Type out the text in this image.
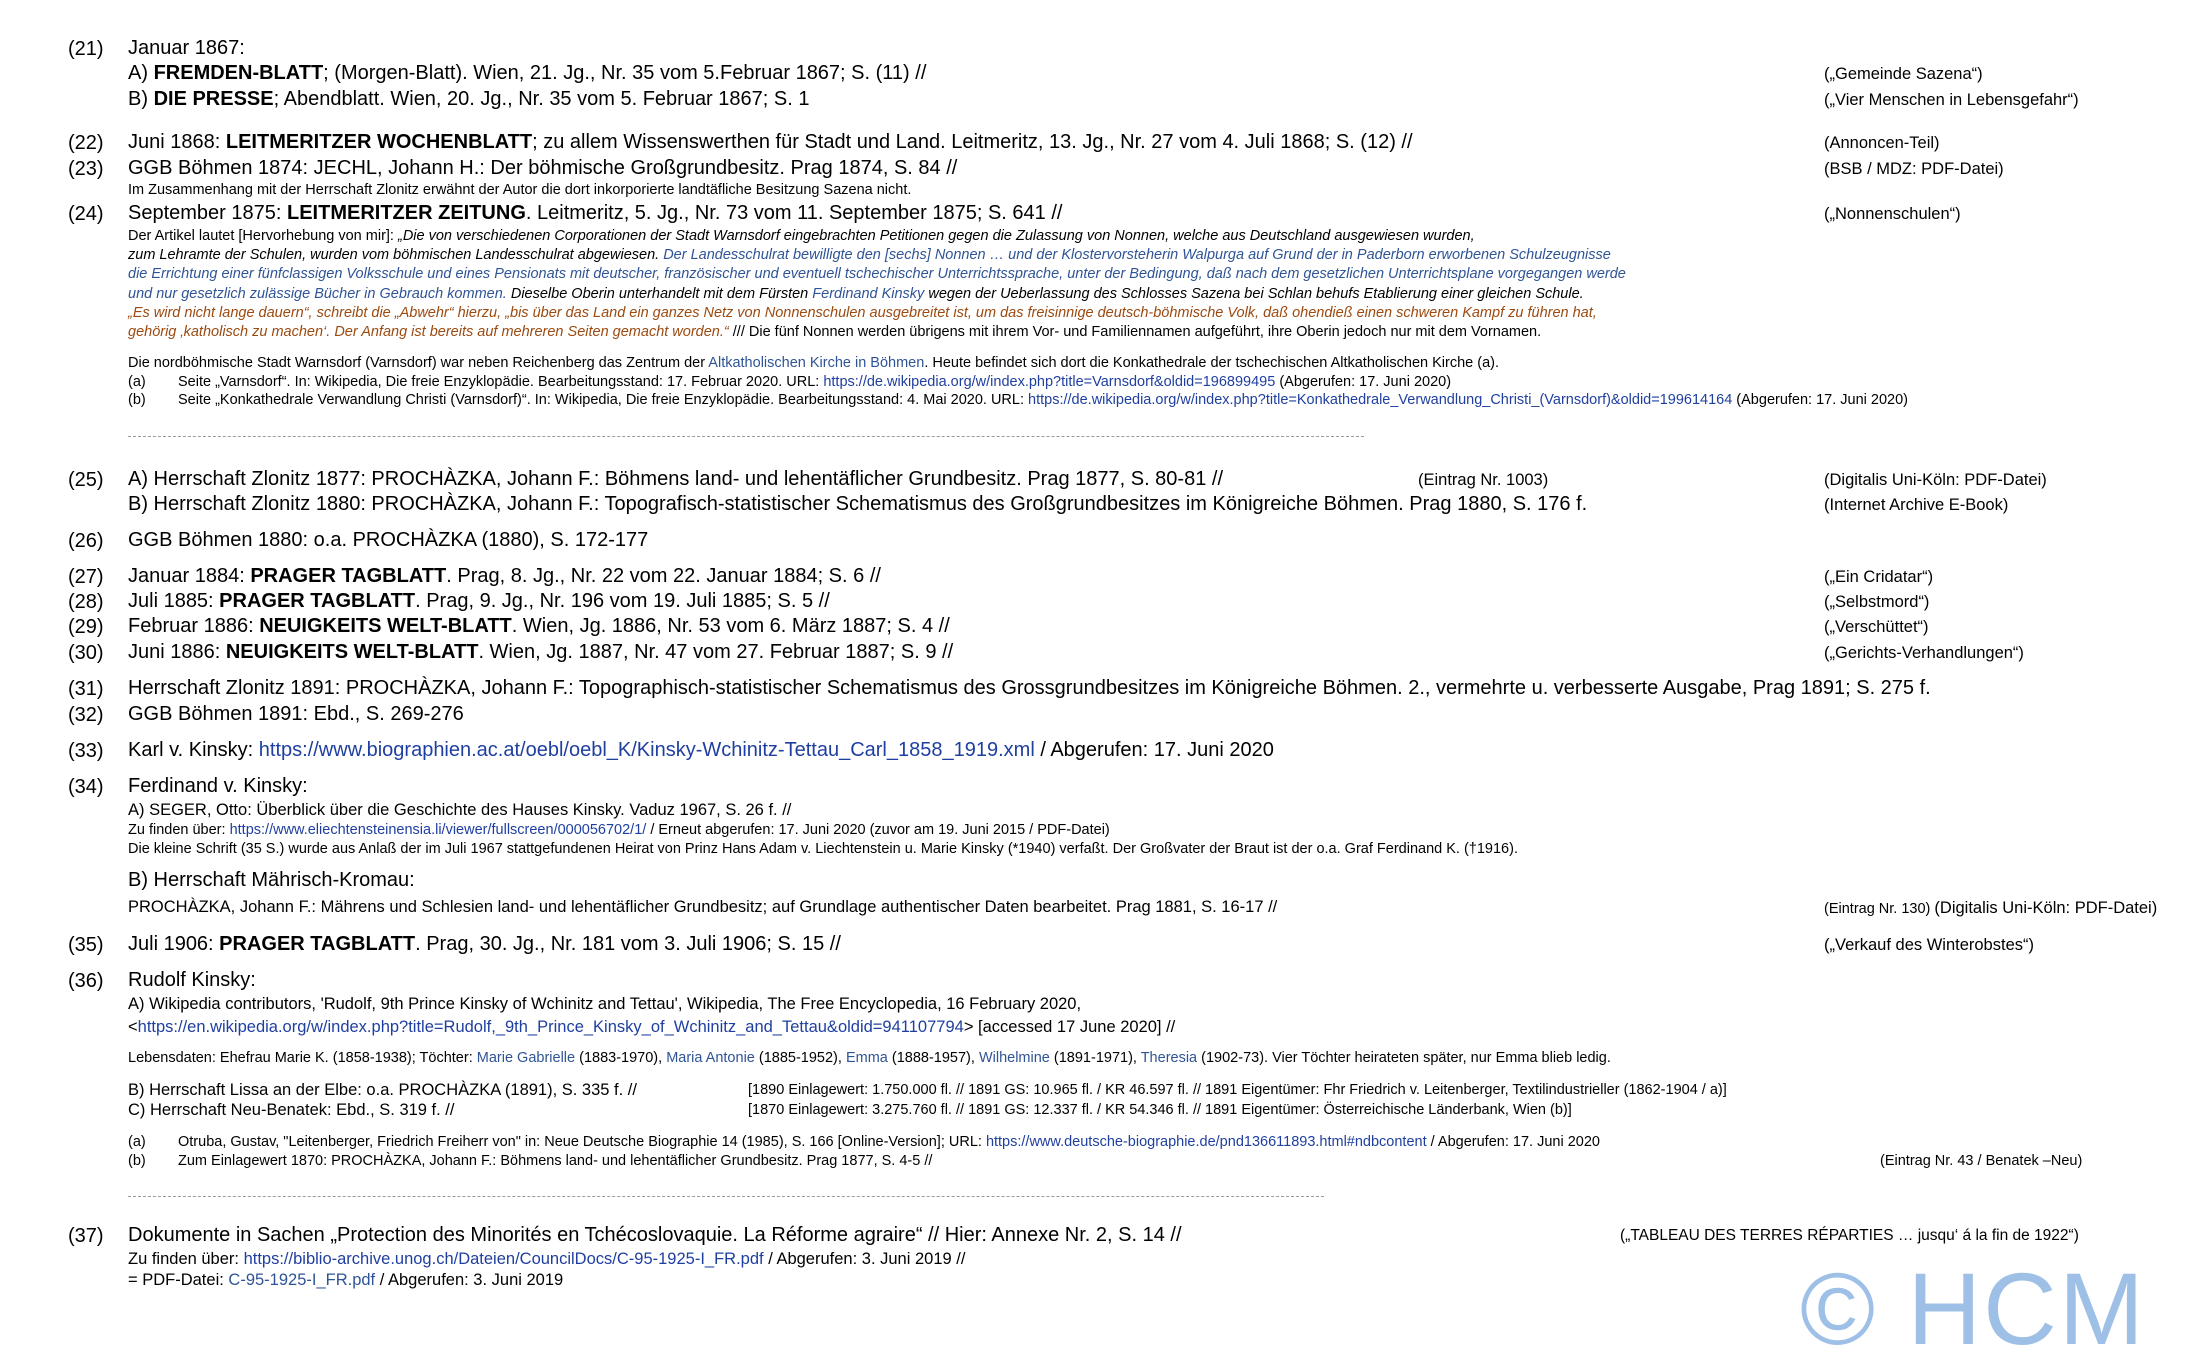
(21) Januar 1867:
A) FREMDEN-BLATT; (Morgen-Blatt). Wien, 21. Jg., Nr. 35 vom 5.Februar 1867; S. (11) //	(„Gemeinde Sazena“)
B) DIE PRESSE; Abendblatt. Wien, 20. Jg., Nr. 35 vom 5. Februar 1867; S. 1	(„Vier Menschen in Lebensgefahr“)
(22) Juni 1868: LEITMERITZER WOCHENBLATT; zu allem Wissenswerthen für Stadt und Land. Leitmeritz, 13. Jg., Nr. 27 vom 4. Juli 1868; S. (12) //	(Annoncen-Teil)
(23) GGB Böhmen 1874: JECHL, Johann H.: Der böhmische Großgrundbesitz. Prag 1874, S. 84 //	(BSB / MDZ: PDF-Datei)
Im Zusammenhang mit der Herrschaft Zlonitz erwähnt der Autor die dort inkorporierte landtäfliche Besitzung Sazena nicht.
(24) September 1875: LEITMERITZER ZEITUNG. Leitmeritz, 5. Jg., Nr. 73 vom 11. September 1875; S. 641 //	(„Nonnenschulen“)
Der Artikel lautet [Hervorhebung von mir]: „Die von verschiedenen Corporationen der Stadt Warnsdorf eingebrachten Petitionen gegen die Zulassung von Nonnen, welche aus Deutschland ausgewiesen wurden,
zum Lehramte der Schulen, wurden vom böhmischen Landesschulrat abgewiesen. Der Landesschulrat bewilligte den [sechs] Nonnen … und der Klostervorsteherin Walpurga auf Grund der in Paderborn erworbenen Schulzeugnisse
die Errichtung einer fünfclassigen Volksschule und eines Pensionats mit deutscher, französischer und eventuell tschechischer Unterrichtssprache, unter der Bedingung, daß nach dem gesetzlichen Unterrichtsplane vorgegangen werde
und nur gesetzlich zulässige Bücher in Gebrauch kommen. Dieselbe Oberin unterhandelt mit dem Fürsten Ferdinand Kinsky wegen der Ueberlassung des Schlosses Sazena bei Schlan behufs Etablierung einer gleichen Schule.
„Es wird nicht lange dauern“, schreibt die „Abwehr“ hierzu, „bis über das Land ein ganzes Netz von Nonnenschulen ausgebreitet ist, um das freisinnige deutsch-böhmische Volk, daß ohendieß einen schweren Kampf zu führen hat,
gehörig ‚katholisch zu machen‘. Der Anfang ist bereits auf mehreren Seiten gemacht worden.“ /// Die fünf Nonnen werden übrigens mit ihrem Vor- und Familiennamen aufgeführt, ihre Oberin jedoch nur mit dem Vornamen.
Die nordböhmische Stadt Warnsdorf (Varnsdorf) war neben Reichenberg das Zentrum der Altkatholischen Kirche in Böhmen. Heute befindet sich dort die Konkathedrale der tschechischen Altkatholischen Kirche (a).
(a) Seite „Varnsdorf“. In: Wikipedia, Die freie Enzyklopädie. Bearbeitungsstand: 17. Februar 2020. URL: https://de.wikipedia.org/w/index.php?title=Varnsdorf&oldid=196899495 (Abgerufen: 17. Juni 2020)
(b) Seite „Konkathedrale Verwandlung Christi (Varnsdorf)“. In: Wikipedia, Die freie Enzyklopädie. Bearbeitungsstand: 4. Mai 2020. URL: https://de.wikipedia.org/w/index.php?title=Konkathedrale_Verwandlung_Christi_(Varnsdorf)&oldid=199614164 (Abgerufen: 17. Juni 2020)
(25) A) Herrschaft Zlonitz 1877: PROCHÀZKA, Johann F.: Böhmens land- und lehentäflicher Grundbesitz. Prag 1877, S. 80-81 //	(Eintrag Nr. 1003)	(Digitalis Uni-Köln: PDF-Datei)
B) Herrschaft Zlonitz 1880: PROCHÀZKA, Johann F.: Topografisch-statistischer Schematismus des Großgrundbesitzes im Königreiche Böhmen. Prag 1880, S. 176 f.	(Internet Archive E-Book)
(26) GGB Böhmen 1880: o.a. PROCHÀZKA (1880), S. 172-177
(27) Januar 1884: PRAGER TAGBLATT. Prag, 8. Jg., Nr. 22 vom 22. Januar 1884; S. 6 //	(„Ein Cridatar“)
(28) Juli 1885: PRAGER TAGBLATT. Prag, 9. Jg., Nr. 196 vom 19. Juli 1885; S. 5 //	(„Selbstmord“)
(29) Februar 1886: NEUIGKEITS WELT-BLATT. Wien, Jg. 1886, Nr. 53 vom 6. März 1887; S. 4 //	(„Verschüttet“)
(30) Juni 1886: NEUIGKEITS WELT-BLATT. Wien, Jg. 1887, Nr. 47 vom 27. Februar 1887; S. 9 //	(„Gerichts-Verhandlungen“)
(31) Herrschaft Zlonitz 1891: PROCHÀZKA, Johann F.: Topographisch-statistischer Schematismus des Grossgrundbesitzes im Königreiche Böhmen. 2., vermehrte u. verbesserte Ausgabe, Prag 1891; S. 275 f.
(32) GGB Böhmen 1891: Ebd., S. 269-276
(33) Karl v. Kinsky: https://www.biographien.ac.at/oebl/oebl_K/Kinsky-Wchinitz-Tettau_Carl_1858_1919.xml / Abgerufen: 17. Juni 2020
(34) Ferdinand v. Kinsky:
A) SEGER, Otto: Überblick über die Geschichte des Hauses Kinsky. Vaduz 1967, S. 26 f. //
Zu finden über: https://www.eliechtensteinensia.li/viewer/fullscreen/000056702/1/ / Erneut abgerufen: 17. Juni 2020 (zuvor am 19. Juni 2015 / PDF-Datei)
Die kleine Schrift (35 S.) wurde aus Anlaß der im Juli 1967 stattgefundenen Heirat von Prinz Hans Adam v. Liechtenstein u. Marie Kinsky (*1940) verfaßt. Der Großvater der Braut ist der o.a. Graf Ferdinand K. (†1916).
B) Herrschaft Mährisch-Kromau:
PROCHÀZKA, Johann F.: Mährens und Schlesien land- und lehentäflicher Grundbesitz; auf Grundlage authentischer Daten bearbeitet. Prag 1881, S. 16-17 //	(Eintrag Nr. 130) (Digitalis Uni-Köln: PDF-Datei)
(35) Juli 1906: PRAGER TAGBLATT. Prag, 30. Jg., Nr. 181 vom 3. Juli 1906; S. 15 //	(„Verkauf des Winterobstes“)
(36) Rudolf Kinsky:
A) Wikipedia contributors, 'Rudolf, 9th Prince Kinsky of Wchinitz and Tettau', Wikipedia, The Free Encyclopedia, 16 February 2020,
<https://en.wikipedia.org/w/index.php?title=Rudolf,_9th_Prince_Kinsky_of_Wchinitz_and_Tettau&oldid=941107794> [accessed 17 June 2020] //
Lebensdaten: Ehefrau Marie K. (1858-1938); Töchter: Marie Gabrielle (1883-1970), Maria Antonie (1885-1952), Emma (1888-1957), Wilhelmine (1891-1971), Theresia (1902-73). Vier Töchter heirateten später, nur Emma blieb ledig.
B) Herrschaft Lissa an der Elbe: o.a. PROCHÀZKA (1891), S. 335 f. //	[1890 Einlagewert: 1.750.000 fl. // 1891 GS: 10.965 fl. / KR 46.597 fl. // 1891 Eigentümer: Fhr Friedrich v. Leitenberger, Textilindustrieller (1862-1904 / a)]
C) Herrschaft Neu-Benatek: Ebd., S. 319 f. //	[1870 Einlagewert: 3.275.760 fl. // 1891 GS: 12.337 fl. / KR 54.346 fl. // 1891 Eigentümer: Österreichische Länderbank, Wien (b)]
(a) Otruba, Gustav, "Leitenberger, Friedrich Freiherr von" in: Neue Deutsche Biographie 14 (1985), S. 166 [Online-Version]; URL: https://www.deutsche-biographie.de/pnd136611893.html#ndbcontent / Abgerufen: 17. Juni 2020
(b) Zum Einlagewert 1870: PROCHÀZKA, Johann F.: Böhmens land- und lehentäflicher Grundbesitz. Prag 1877, S. 4-5 //	(Eintrag Nr. 43 / Benatek –Neu)
(37) Dokumente in Sachen „Protection des Minorités en Tchécoslovaquie. La Réforme agraire“ // Hier: Annexe Nr. 2, S. 14 //	(„TABLEAU DES TERRES RÉPARTIES … jusqu‘ á la fin de 1922“)
Zu finden über: https://biblio-archive.unog.ch/Dateien/CouncilDocs/C-95-1925-I_FR.pdf / Abgerufen: 3. Juni 2019 //
= PDF-Datei: C-95-1925-I_FR.pdf / Abgerufen: 3. Juni 2019	© HCM
